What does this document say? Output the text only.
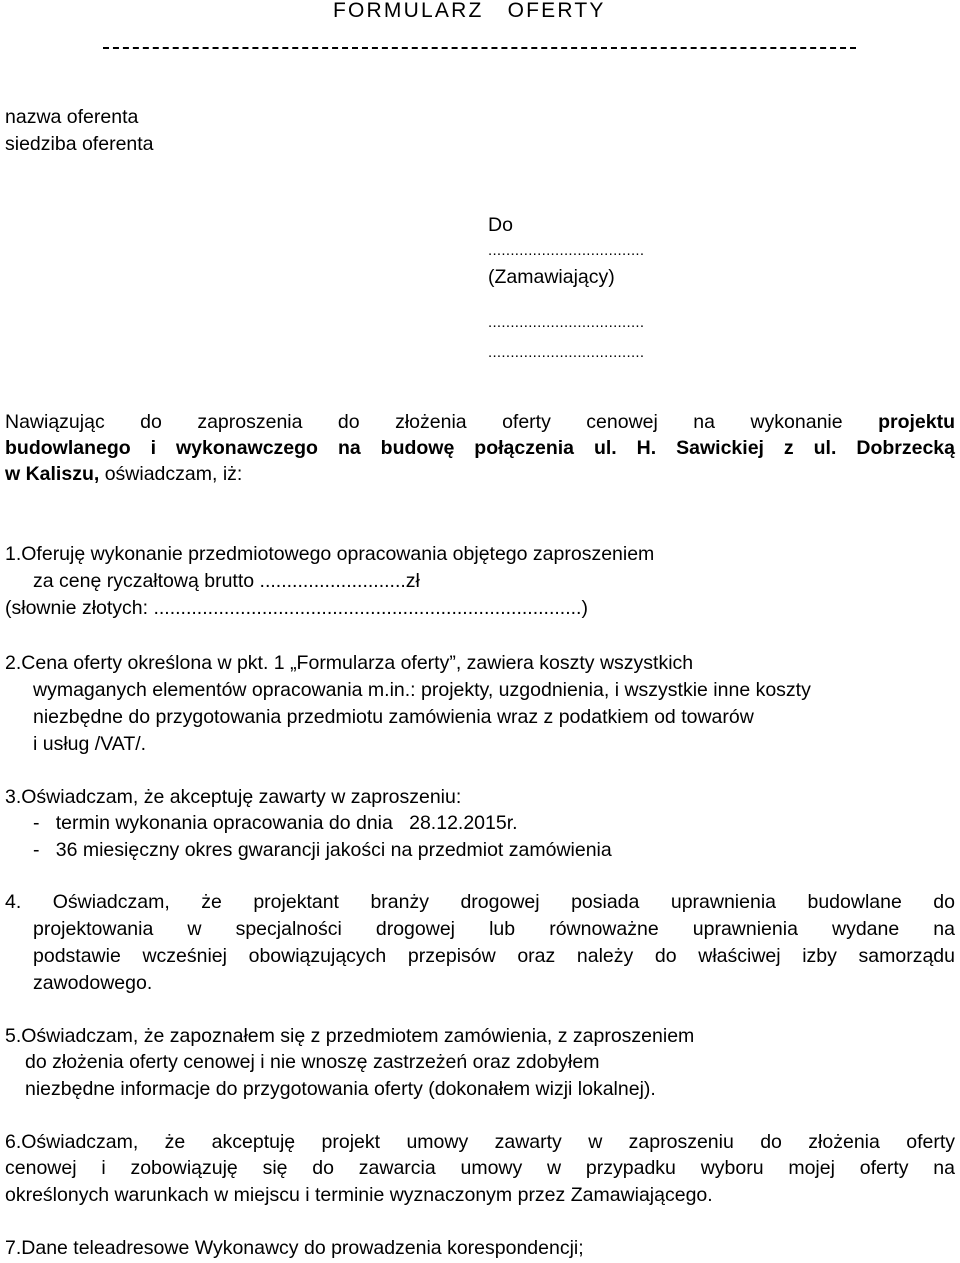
FORMULARZ   OFERTY
nazwa oferenta
siedziba oferenta
Do
...................................
(Zamawiający)
...................................
...................................
Nawiązując do zaproszenia do złożenia oferty cenowej na wykonanie projektu
budowlanego i wykonawczego na budowę połączenia ul. H. Sawickiej z ul. Dobrzecką
w Kaliszu, oświadczam, iż:
1.Oferuję wykonanie przedmiotowego opracowania objętego zaproszeniem
za cenę ryczałtową brutto ...........................zł
(słownie złotych: ...............................................................................)
2.Cena oferty określona w pkt. 1 „Formularza oferty”, zawiera koszty wszystkich
wymaganych elementów opracowania m.in.: projekty, uzgodnienia, i wszystkie inne koszty
niezbędne do przygotowania przedmiotu zamówienia wraz z podatkiem od towarów
i usług /VAT/.
3.Oświadczam, że akceptuję zawarty w zaproszeniu:
-   termin wykonania opracowania do dnia   28.12.2015r.
-   36 miesięczny okres gwarancji jakości na przedmiot zamówienia
4. Oświadczam, że projektant branży drogowej posiada uprawnienia budowlane do
projektowania w specjalności drogowej lub równoważne uprawnienia wydane na
podstawie wcześniej obowiązujących przepisów oraz należy do właściwej izby samorządu
zawodowego.
5.Oświadczam, że zapoznałem się z przedmiotem zamówienia, z zaproszeniem
do złożenia oferty cenowej i nie wnoszę zastrzeżeń oraz zdobyłem
niezbędne informacje do przygotowania oferty (dokonałem wizji lokalnej).
6.Oświadczam, że akceptuję projekt umowy zawarty w zaproszeniu do złożenia oferty
cenowej i zobowiązuję się do zawarcia umowy w przypadku wyboru mojej oferty na
określonych warunkach w miejscu i terminie wyznaczonym przez Zamawiającego.
7.Dane teleadresowe Wykonawcy do prowadzenia korespondencji;
